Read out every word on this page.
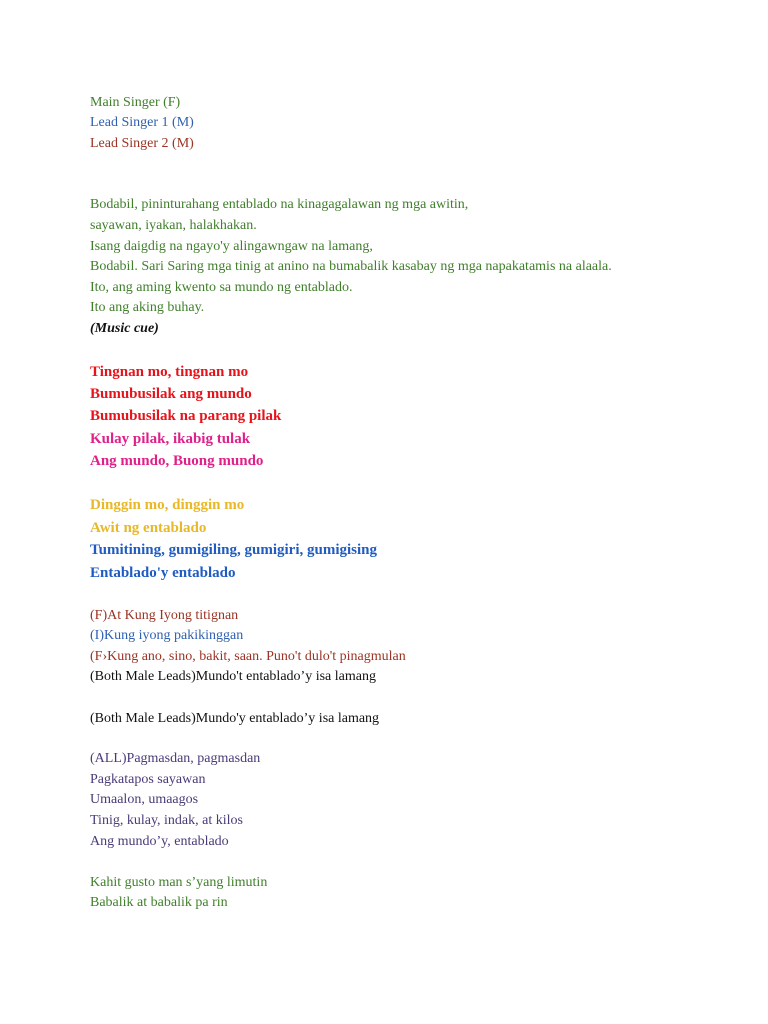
Main Singer (F)
Lead Singer 1 (M)
Lead Singer 2 (M)
Bodabil, pininturahang entablado na kinagagalawan ng mga awitin,
sayawan, iyakan, halakhakan.
Isang daigdig na ngayo'y alingawngaw na lamang,
Bodabil. Sari Saring mga tinig at anino na bumabalik kasabay ng mga napakatamis na alaala.
Ito, ang aming kwento sa mundo ng entablado.
Ito ang aking buhay.
(Music cue)
Tingnan mo, tingnan mo
Bumubusilak ang mundo
Bumubusilak na parang pilak
Kulay pilak, ikabig tulak
Ang mundo, Buong mundo
Dinggin mo, dinggin mo
Awit ng entablado
Tumitining, gumigiling, gumigiri, gumigising
Entablado'y entablado
(F)At Kung Iyong titignan
(I)Kung iyong pakikinggan
(F›Kung ano, sino, bakit, saan. Puno't dulo't pinagmulan
(Both Male Leads)Mundo't entablado’y isa lamang
(Both Male Leads)Mundo'y entablado’y isa lamang
(ALL)Pagmasdan, pagmasdan
Pagkatapos sayawan
Umaalon, umaagos
Tinig, kulay, indak, at kilos
Ang mundo’y, entablado
Kahit gusto man s’yang limutin
Babalik at babalik pa rin
